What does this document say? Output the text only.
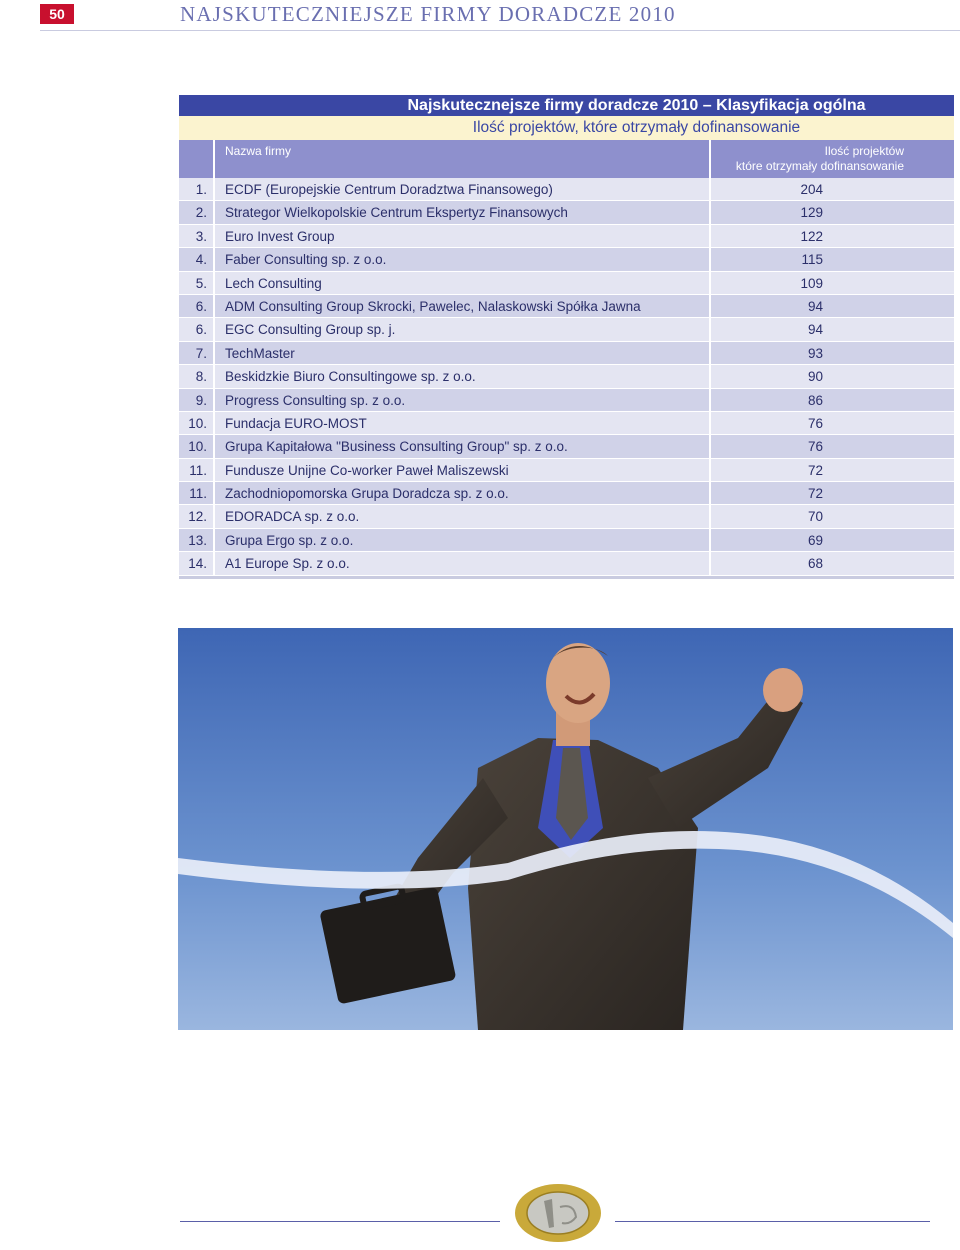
50	NAJSKUTECZNIEJSZE FIRMY DORADCZE 2010
Najskutecznejsze firmy doradcze 2010 – Klasyfikacja ogólna
Ilość projektów, które otrzymały dofinansowanie
Nazwa firmy	Ilość projektów
które otrzymały dofinansowanie
1.	ECDF (Europejskie Centrum Doradztwa Finansowego)	204
2.	Strategor Wielkopolskie Centrum Ekspertyz Finansowych	129
3.	Euro Invest Group	122
4.	Faber Consulting sp. z o.o.	115
5.	Lech Consulting	109
6.	ADM Consulting Group Skrocki, Pawelec, Nalaskowski Spółka Jawna	94
6.	EGC Consulting Group sp. j.	94
7.	TechMaster	93
8.	Beskidzkie Biuro Consultingowe sp. z o.o.	90
9.	Progress Consulting sp. z o.o.	86
10.	Fundacja EURO-MOST	76
10.	Grupa Kapitałowa "Business Consulting Group" sp. z o.o.	76
11.	Fundusze Unijne Co-worker Paweł Maliszewski	72
11.	Zachodniopomorska Grupa Doradcza sp. z o.o.	72
12.	EDORADCA sp. z o.o.	70
13.	Grupa Ergo sp. z o.o.	69
14.	A1 Europe Sp. z o.o.	68
